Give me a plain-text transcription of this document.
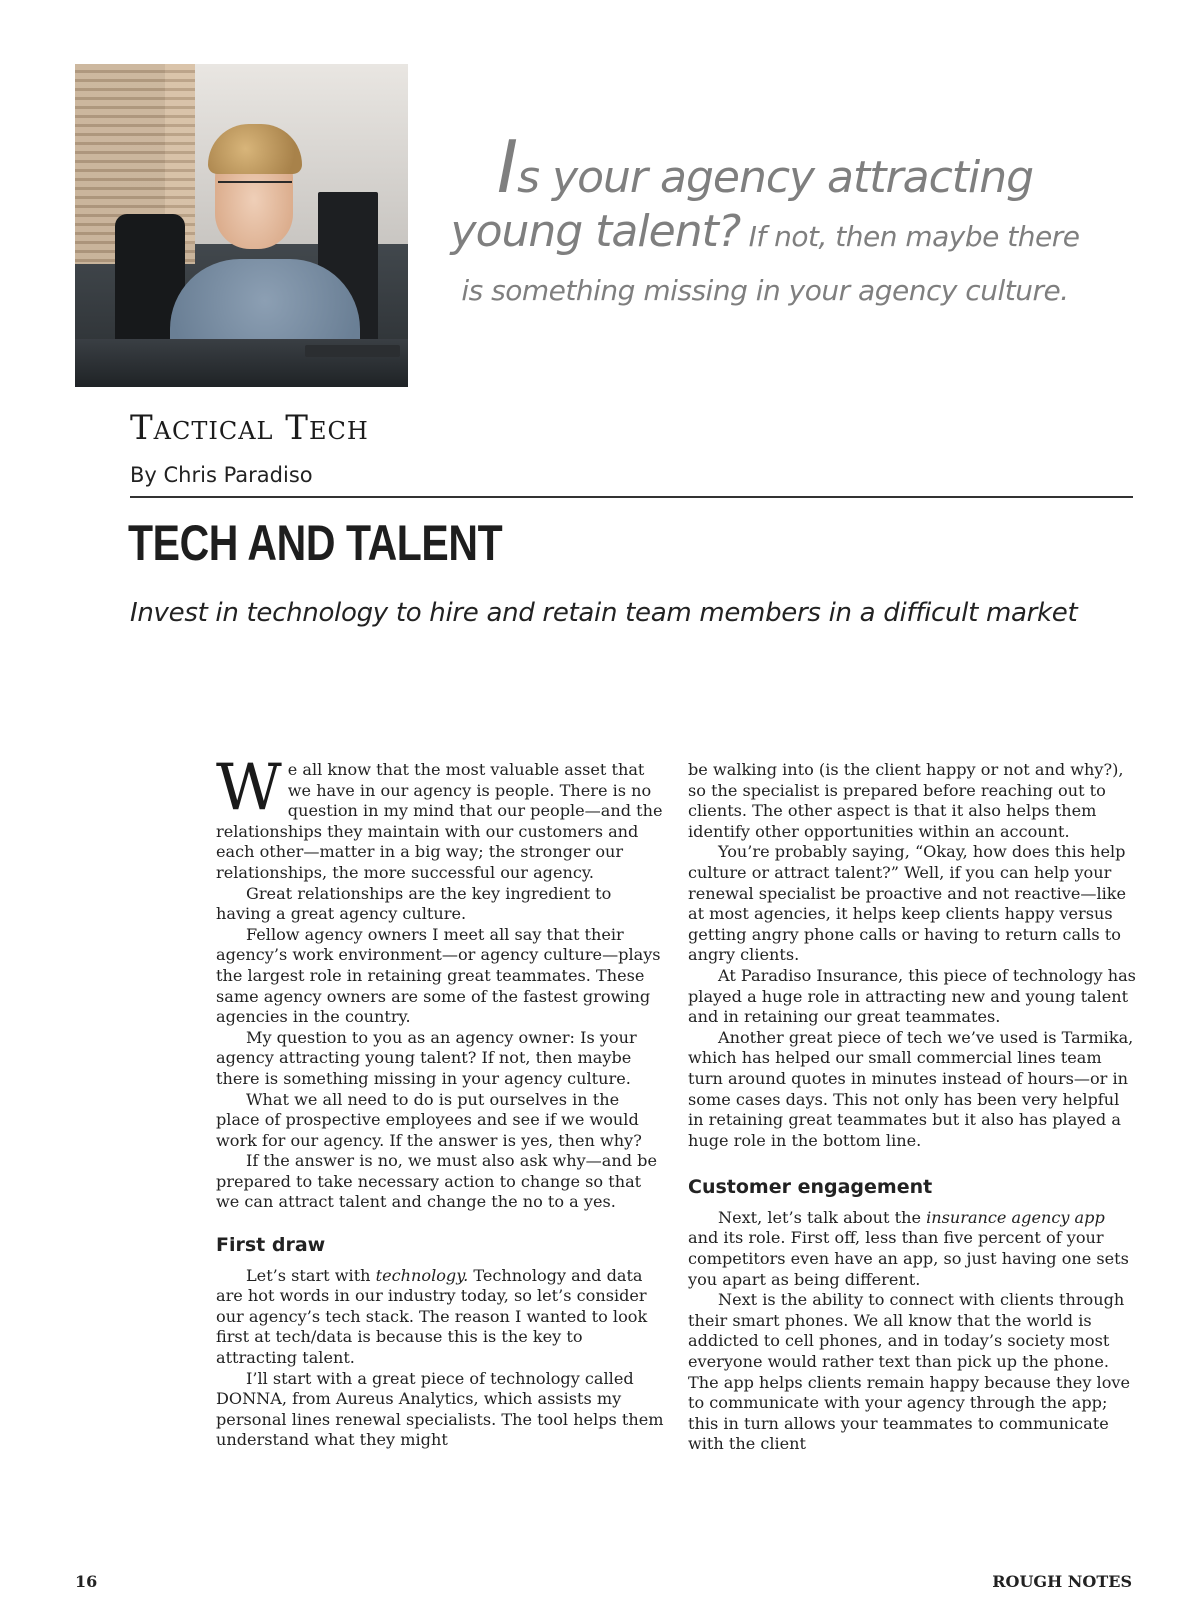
Is your agency attracting
young talent? If not, then maybe there
is something missing in your agency culture.
Tactical Tech
By Chris Paradiso
TECH AND TALENT
Invest in technology to hire and retain team members in a difficult market

We all know that the most valuable asset that we have in our agency is people. There is no question in my mind that our people—and the relationships they maintain with our customers and each other—matter in a big way; the stronger our relationships, the more successful our agency.

Great relationships are the key ingredient to having a great agency culture.

Fellow agency owners I meet all say that their agency’s work environment—or agency culture—plays the largest role in retaining great teammates. These same agency owners are some of the fastest growing agencies in the country.

My question to you as an agency owner: Is your agency attracting young talent? If not, then maybe there is something missing in your agency culture.

What we all need to do is put ourselves in the place of prospective employees and see if we would work for our agency. If the answer is yes, then why?

If the answer is no, we must also ask why—and be prepared to take necessary action to change so that we can attract talent and change the no to a yes.

First draw

Let’s start with technology. Technology and data are hot words in our industry today, so let’s consider our agency’s tech stack. The reason I wanted to look first at tech/data is because this is the key to attracting talent.

I’ll start with a great piece of technology called DONNA, from Aureus Analytics, which assists my personal lines renewal specialists. The tool helps them understand what they might

be walking into (is the client happy or not and why?), so the specialist is prepared before reaching out to clients. The other aspect is that it also helps them identify other opportunities within an account.

You’re probably saying, “Okay, how does this help culture or attract talent?” Well, if you can help your renewal specialist be proactive and not reactive—like at most agencies, it helps keep clients happy versus getting angry phone calls or having to return calls to angry clients.

At Paradiso Insurance, this piece of technology has played a huge role in attracting new and young talent and in retaining our great teammates.

Another great piece of tech we’ve used is Tarmika, which has helped our small commercial lines team turn around quotes in minutes instead of hours—or in some cases days. This not only has been very helpful in retaining great teammates but it also has played a huge role in the bottom line.

Customer engagement

Next, let’s talk about the insurance agency app and its role. First off, less than five percent of your competitors even have an app, so just having one sets you apart as being different.

Next is the ability to connect with clients through their smart phones. We all know that the world is addicted to cell phones, and in today’s society most everyone would rather text than pick up the phone. The app helps clients remain happy because they love to communicate with your agency through the app; this in turn allows your teammates to communicate with the client

16	ROUGH NOTES
